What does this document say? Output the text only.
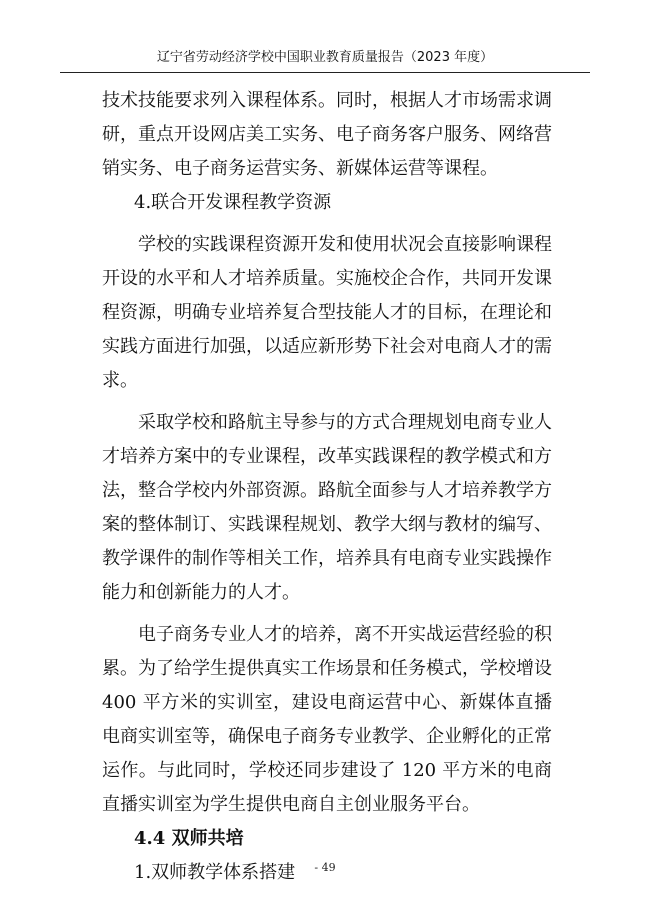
辽宁省劳动经济学校中国职业教育质量报告（2023 年度）

技术技能要求列入课程体系。同时，根据人才市场需求调研，重点开设网店美工实务、电子商务客户服务、网络营销实务、电子商务运营实务、新媒体运营等课程。

4.联合开发课程教学资源

学校的实践课程资源开发和使用状况会直接影响课程开设的水平和人才培养质量。实施校企合作，共同开发课程资源，明确专业培养复合型技能人才的目标，在理论和实践方面进行加强，以适应新形势下社会对电商人才的需求。

采取学校和路航主导参与的方式合理规划电商专业人才培养方案中的专业课程，改革实践课程的教学模式和方法，整合学校内外部资源。路航全面参与人才培养教学方案的整体制订、实践课程规划、教学大纲与教材的编写、教学课件的制作等相关工作，培养具有电商专业实践操作能力和创新能力的人才。

电子商务专业人才的培养，离不开实战运营经验的积累。为了给学生提供真实工作场景和任务模式，学校增设 400 平方米的实训室，建设电商运营中心、新媒体直播电商实训室等，确保电子商务专业教学、企业孵化的正常运作。与此同时，学校还同步建设了 120 平方米的电商直播实训室为学生提供电商自主创业服务平台。

4.4 双师共培

1.双师教学体系搭建	- 49
